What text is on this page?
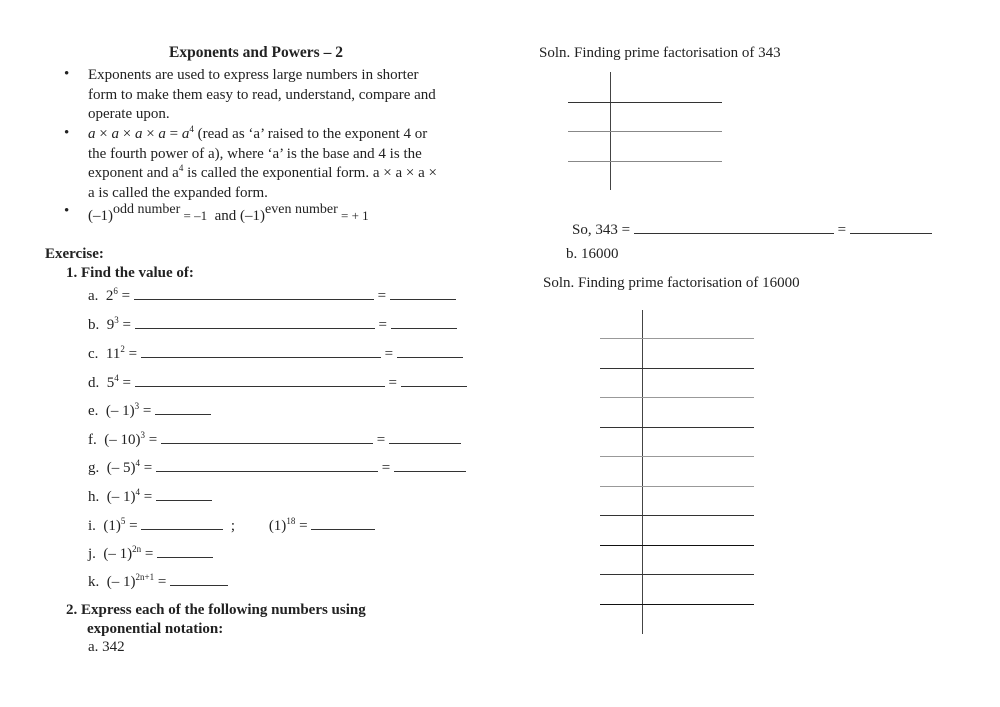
Exponents and Powers – 2
• Exponents are used to express large numbers in shorter
form to make them easy to read, understand, compare and
operate upon.
• $a \times a \times a \times a = a^4$ (read as ‘a’ raised to the exponent 4 or
the fourth power of a), where ‘a’ is the base and 4 is the
exponent and $a^4$ is called the exponential form. a × a × a ×
a is called the expanded form.
• (–1)odd number = –1 and (–1)even number = + 1
Exercise:
1. Find the value of:
a. $2^6$ =	=
b. $9^3$ =	=
c. $11^2$ =	=
d. $5^4$ =	=
e. (– 1)$^3$ =
f. (– 10)$^3$ =	=
g. (– 5)$^4$ =	=
h. (– 1)$^4$ =
i. $(1)^5$ =	; $(1)^{18}$ =
j. (– 1)$^{2n}$ =
k. (– 1)$^{2n+1}$ =
2. Express each of the following numbers using
exponential notation:
a. 342
Soln. Finding prime factorisation of 343
So, 343 =	=
b. 16000
Soln. Finding prime factorisation of 16000
